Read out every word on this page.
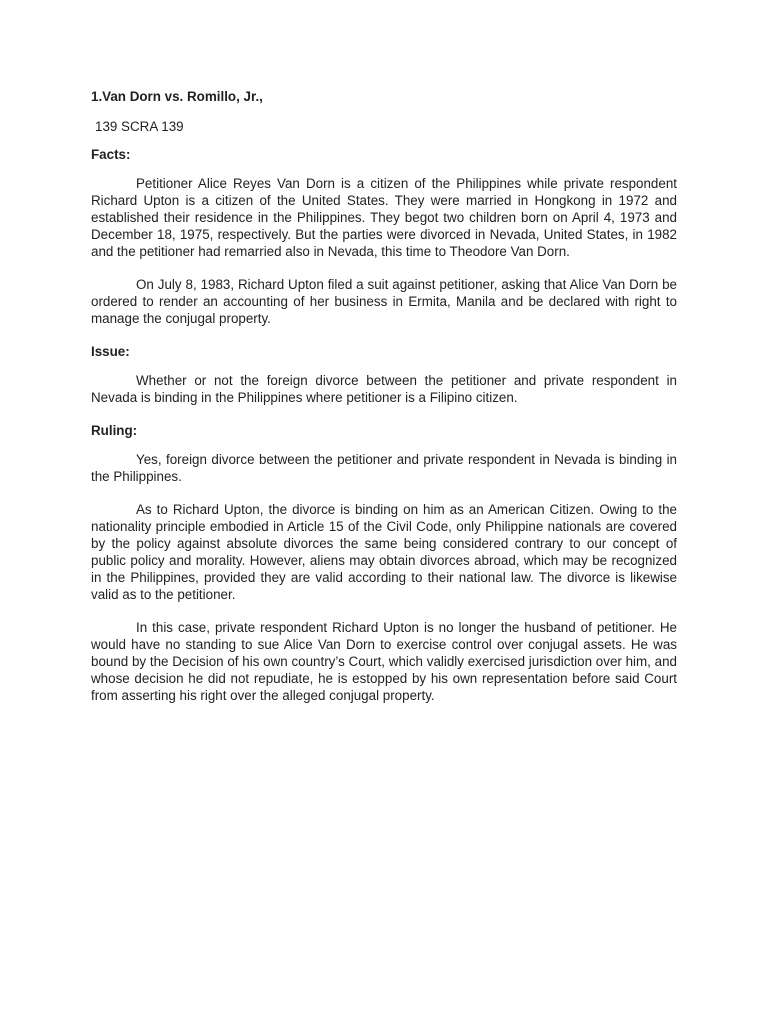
1.Van Dorn vs. Romillo, Jr.,
139 SCRA 139
Facts:

Petitioner Alice Reyes Van Dorn is a citizen of the Philippines while private respondent Richard Upton is a citizen of the United States. They were married in Hongkong in 1972 and established their residence in the Philippines. They begot two children born on April 4, 1973 and December 18, 1975, respectively. But the parties were divorced in Nevada, United States, in 1982 and the petitioner had remarried also in Nevada, this time to Theodore Van Dorn.

On July 8, 1983, Richard Upton filed a suit against petitioner, asking that Alice Van Dorn be ordered to render an accounting of her business in Ermita, Manila and be declared with right to manage the conjugal property.

Issue:

Whether or not the foreign divorce between the petitioner and private respondent in Nevada is binding in the Philippines where petitioner is a Filipino citizen.

Ruling:

Yes, foreign divorce between the petitioner and private respondent in Nevada is binding in the Philippines.

As to Richard Upton, the divorce is binding on him as an American Citizen. Owing to the nationality principle embodied in Article 15 of the Civil Code, only Philippine nationals are covered by the policy against absolute divorces the same being considered contrary to our concept of public policy and morality. However, aliens may obtain divorces abroad, which may be recognized in the Philippines, provided they are valid according to their national law. The divorce is likewise valid as to the petitioner.

In this case, private respondent Richard Upton is no longer the husband of petitioner. He would have no standing to sue Alice Van Dorn to exercise control over conjugal assets. He was bound by the Decision of his own country’s Court, which validly exercised jurisdiction over him, and whose decision he did not repudiate, he is estopped by his own representation before said Court from asserting his right over the alleged conjugal property.
